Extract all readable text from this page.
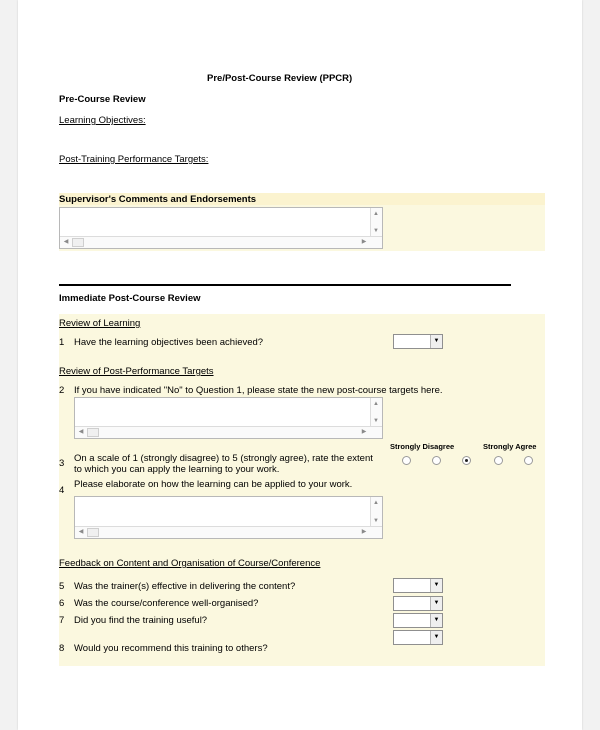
Pre/Post-Course Review (PPCR)
Pre-Course Review
Learning Objectives:
Post-Training Performance Targets:
Supervisor's Comments and Endorsements
▲
▼
◀	▶
Immediate Post-Course Review
Review of Learning
1 Have the learning objectives been achieved?	▼
Review of Post-Performance Targets
2 If you have indicated "No" to Question 1, please state the new post-course targets here.
▲
▼
◀	▶
Strongly Disagree	Strongly Agree
3 On a scale of 1 (strongly disagree) to 5 (strongly agree), rate the extent
to which you can apply the learning to your work.
4
Please elaborate on how the learning can be applied to your work.
▲
▼
◀	▶
Feedback on Content and Organisation of Course/Conference
5 Was the trainer(s) effective in delivering the content?	▼
6 Was the course/conference well-organised?	▼
7 Did you find the training useful?	▼
▼
8 Would you recommend this training to others?
